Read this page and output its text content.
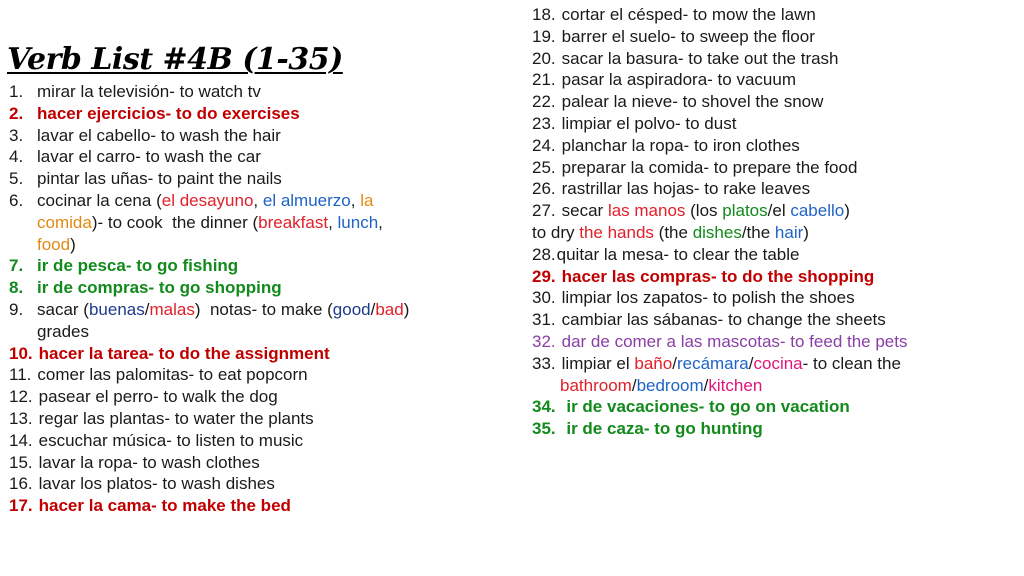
Verb List #4B (1-35)
1. mirar la televisión- to watch tv
2. hacer ejercicios- to do exercises
3. lavar el cabello- to wash the hair
4. lavar el carro- to wash the car
5. pintar las uñas- to paint the nails
6. cocinar la cena (el desayuno, el almuerzo, la
comida)- to cook  the dinner (breakfast, lunch,
food)
7. ir de pesca- to go fishing
8. ir de compras- to go shopping
9. sacar (buenas/malas)  notas- to make (good/bad)
grades
10. hacer la tarea- to do the assignment
11. comer las palomitas- to eat popcorn
12. pasear el perro- to walk the dog
13. regar las plantas- to water the plants
14. escuchar música- to listen to music
15. lavar la ropa- to wash clothes
16. lavar los platos- to wash dishes
17. hacer la cama- to make the bed
18. cortar el césped- to mow the lawn
19. barrer el suelo- to sweep the floor
20. sacar la basura- to take out the trash
21. pasar la aspiradora- to vacuum
22. palear la nieve- to shovel the snow
23. limpiar el polvo- to dust
24. planchar la ropa- to iron clothes
25. preparar la comida- to prepare the food
26. rastrillar las hojas- to rake leaves
27. secar las manos (los platos/el cabello)
to dry the hands (the dishes/the hair)
28.quitar la mesa- to clear the table
29. hacer las compras- to do the shopping
30. limpiar los zapatos- to polish the shoes
31. cambiar las sábanas- to change the sheets
32. dar de comer a las mascotas- to feed the pets
33. limpiar el baño/recámara/cocina- to clean the
bathroom/bedroom/kitchen
34. ir de vacaciones- to go on vacation
35. ir de caza- to go hunting
